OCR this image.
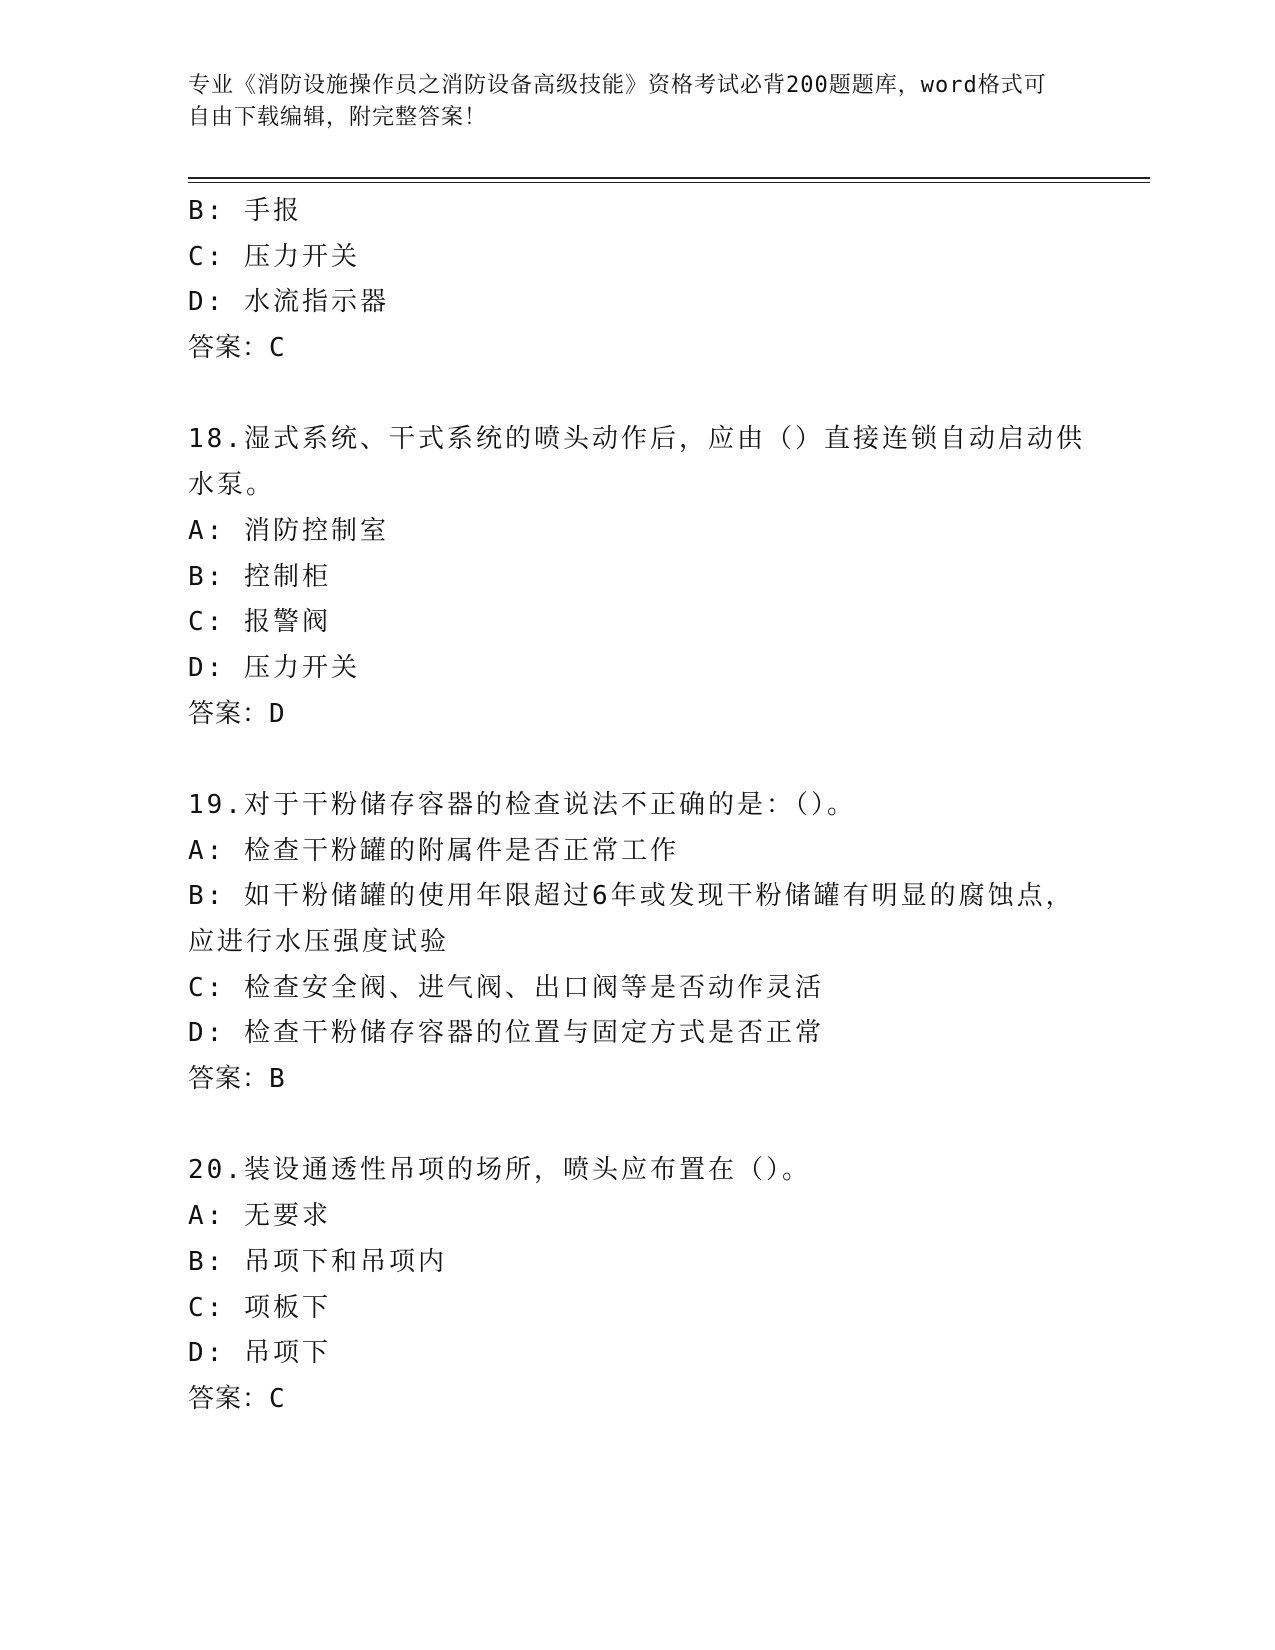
专业《消防设施操作员之消防设备高级技能》资格考试必背200题题库，word格式可自由下载编辑，附完整答案！
B: 手报
C: 压力开关
D: 水流指示器
答案：C
18.湿式系统、干式系统的喷头动作后，应由（）直接连锁自动启动供
水泵。
A: 消防控制室
B: 控制柜
C: 报警阀
D: 压力开关
答案：D
19.对于干粉储存容器的检查说法不正确的是：（）。
A: 检查干粉罐的附属件是否正常工作
B: 如干粉储罐的使用年限超过6年或发现干粉储罐有明显的腐蚀点，
应进行水压强度试验
C: 检查安全阀、进气阀、出口阀等是否动作灵活
D: 检查干粉储存容器的位置与固定方式是否正常
答案：B
20.装设通透性吊项的场所，喷头应布置在（）。
A: 无要求
B: 吊项下和吊项内
C: 项板下
D: 吊项下
答案：C
